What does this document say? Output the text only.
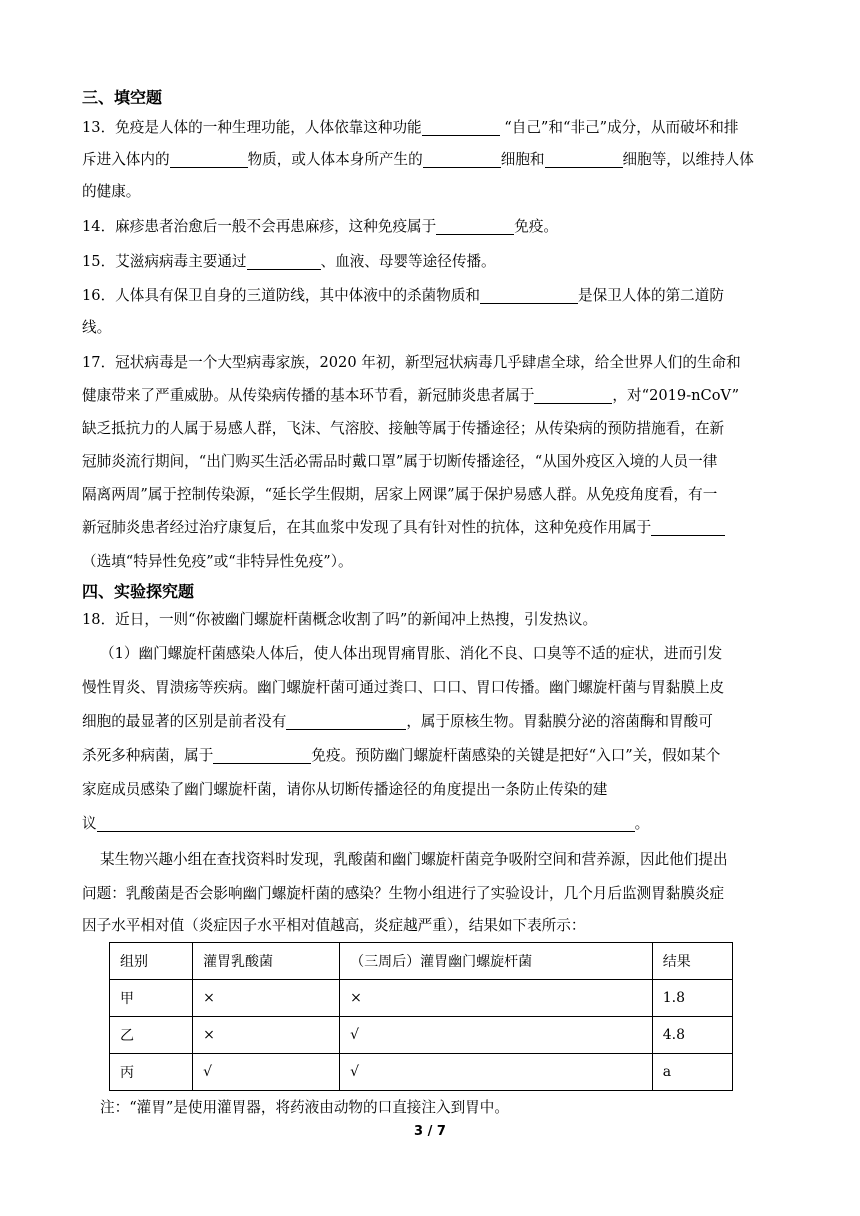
三、填空题
13．免疫是人体的一种生理功能，人体依靠这种功能	“自己”和“非己”成分，从而破坏和排
斥进入体内的	物质，或人体本身所产生的	细胞和	细胞等，以维持人体
的健康。
14．麻疹患者治愈后一般不会再患麻疹，这种免疫属于	免疫。
15．艾滋病病毒主要通过	、血液、母婴等途径传播。
16．人体具有保卫自身的三道防线，其中体液中的杀菌物质和	是保卫人体的第二道防
线。
17．冠状病毒是一个大型病毒家族，2020 年初，新型冠状病毒几乎肆虐全球，给全世界人们的生命和
健康带来了严重威胁。从传染病传播的基本环节看，新冠肺炎患者属于	，对“2019-nCoV”
缺乏抵抗力的人属于易感人群，飞沫、气溶胶、接触等属于传播途径；从传染病的预防措施看，在新
冠肺炎流行期间，“出门购买生活必需品时戴口罩”属于切断传播途径，“从国外疫区入境的人员一律
隔离两周”属于控制传染源，“延长学生假期，居家上网课”属于保护易感人群。从免疫角度看，有一
新冠肺炎患者经过治疗康复后，在其血浆中发现了具有针对性的抗体，这种免疫作用属于
（选填“特异性免疫”或“非特异性免疫”）。
四、实验探究题
18．近日，一则“你被幽门螺旋杆菌概念收割了吗”的新闻冲上热搜，引发热议。
（1）幽门螺旋杆菌感染人体后，使人体出现胃痛胃胀、消化不良、口臭等不适的症状，进而引发
慢性胃炎、胃溃疡等疾病。幽门螺旋杆菌可通过粪口、口口、胃口传播。幽门螺旋杆菌与胃黏膜上皮
细胞的最显著的区别是前者没有	，属于原核生物。胃黏膜分泌的溶菌酶和胃酸可
杀死多种病菌，属于	免疫。预防幽门螺旋杆菌感染的关键是把好“入口”关，假如某个
家庭成员感染了幽门螺旋杆菌，请你从切断传播途径的角度提出一条防止传染的建
议	。
某生物兴趣小组在查找资料时发现，乳酸菌和幽门螺旋杆菌竞争吸附空间和营养源，因此他们提出
问题：乳酸菌是否会影响幽门螺旋杆菌的感染？生物小组进行了实验设计，几个月后监测胃黏膜炎症
因子水平相对值（炎症因子水平相对值越高，炎症越严重），结果如下表所示：
组别	灌胃乳酸菌	（三周后）灌胃幽门螺旋杆菌	结果
甲	×	×	1.8
乙	×	√	4.8
丙	√	√	a
注：“灌胃”是使用灌胃器，将药液由动物的口直接注入到胃中。
3 / 7
